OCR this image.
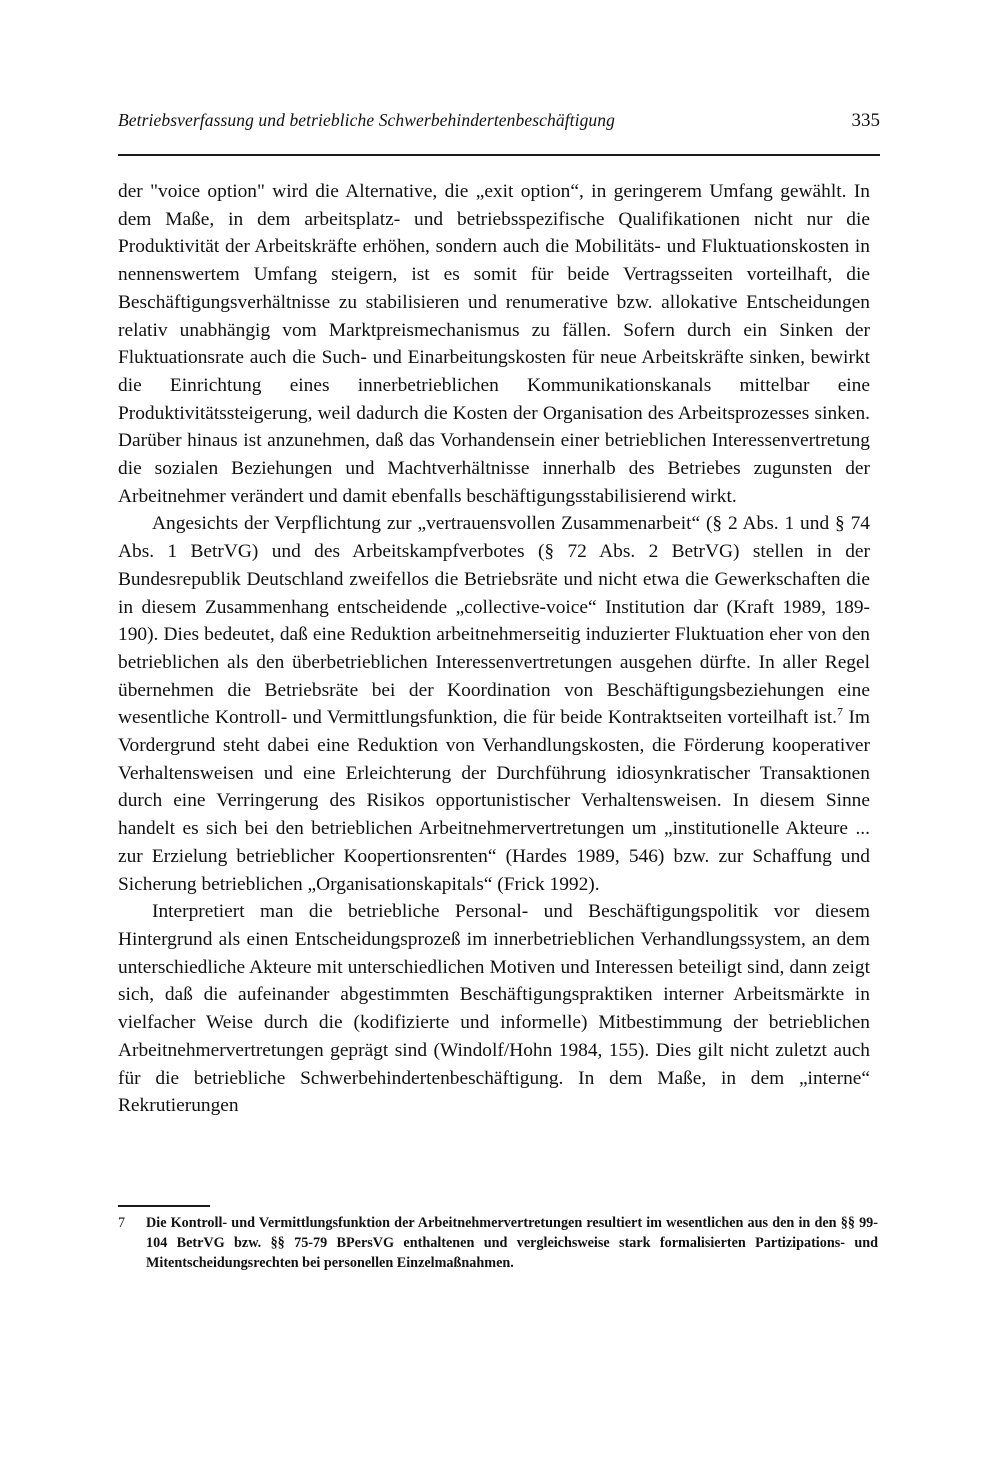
Betriebsverfassung und betriebliche Schwerbehindertenbeschäftigung	335

der "voice option" wird die Alternative, die „exit option“, in geringerem Umfang gewählt. In dem Maße, in dem arbeitsplatz- und betriebsspezifische Qualifikationen nicht nur die Produktivität der Arbeitskräfte erhöhen, sondern auch die Mobilitäts- und Fluktuationskosten in nennenswertem Umfang steigern, ist es somit für beide Vertragsseiten vorteilhaft, die Beschäftigungsverhältnisse zu stabilisieren und renumerative bzw. allokative Entscheidungen relativ unabhängig vom Marktpreismechanismus zu fällen. Sofern durch ein Sinken der Fluktuationsrate auch die Such- und Einarbeitungskosten für neue Arbeitskräfte sinken, bewirkt die Einrichtung eines innerbetrieblichen Kommunikationskanals mittelbar eine Produktivitätssteigerung, weil dadurch die Kosten der Organisation des Arbeitsprozesses sinken. Darüber hinaus ist anzunehmen, daß das Vorhandensein einer betrieblichen Interessenvertretung die sozialen Beziehungen und Machtverhältnisse innerhalb des Betriebes zugunsten der Arbeitnehmer verändert und damit ebenfalls beschäftigungsstabilisierend wirkt.

Angesichts der Verpflichtung zur „vertrauensvollen Zusammenarbeit“ (§ 2 Abs. 1 und § 74 Abs. 1 BetrVG) und des Arbeitskampfverbotes (§ 72 Abs. 2 BetrVG) stellen in der Bundesrepublik Deutschland zweifellos die Betriebsräte und nicht etwa die Gewerkschaften die in diesem Zusammenhang entscheidende „collective-voice“ Institution dar (Kraft 1989, 189-190). Dies bedeutet, daß eine Reduktion arbeitnehmerseitig induzierter Fluktuation eher von den betrieblichen als den überbetrieblichen Interessenvertretungen ausgehen dürfte. In aller Regel übernehmen die Betriebsräte bei der Koordination von Beschäftigungsbeziehungen eine wesentliche Kontroll- und Vermittlungsfunktion, die für beide Kontraktseiten vorteilhaft ist.$^7$ Im Vordergrund steht dabei eine Reduktion von Verhandlungskosten, die Förderung kooperativer Verhaltensweisen und eine Erleichterung der Durchführung idiosynkratischer Transaktionen durch eine Verringerung des Risikos opportunistischer Verhaltensweisen. In diesem Sinne handelt es sich bei den betrieblichen Arbeitnehmervertretungen um „institutionelle Akteure ... zur Erzielung betrieblicher Koopertionsrenten“ (Hardes 1989, 546) bzw. zur Schaffung und Sicherung betrieblichen „Organisationskapitals“ (Frick 1992).

Interpretiert man die betriebliche Personal- und Beschäftigungspolitik vor diesem Hintergrund als einen Entscheidungsprozeß im innerbetrieblichen Verhandlungssystem, an dem unterschiedliche Akteure mit unterschiedlichen Motiven und Interessen beteiligt sind, dann zeigt sich, daß die aufeinander abgestimmten Beschäftigungspraktiken interner Arbeitsmärkte in vielfacher Weise durch die (kodifizierte und informelle) Mitbestimmung der betrieblichen Arbeitnehmervertretungen geprägt sind (Windolf/Hohn 1984, 155). Dies gilt nicht zuletzt auch für die betriebliche Schwerbehindertenbeschäftigung. In dem Maße, in dem „interne“ Rekrutierungen

7 Die Kontroll- und Vermittlungsfunktion der Arbeitnehmervertretungen resultiert im wesentlichen aus den in den §§ 99-104 BetrVG bzw. §§ 75-79 BPersVG enthaltenen und vergleichsweise stark formalisierten Partizipations- und Mitentscheidungsrechten bei personellen Einzelmaßnahmen.
